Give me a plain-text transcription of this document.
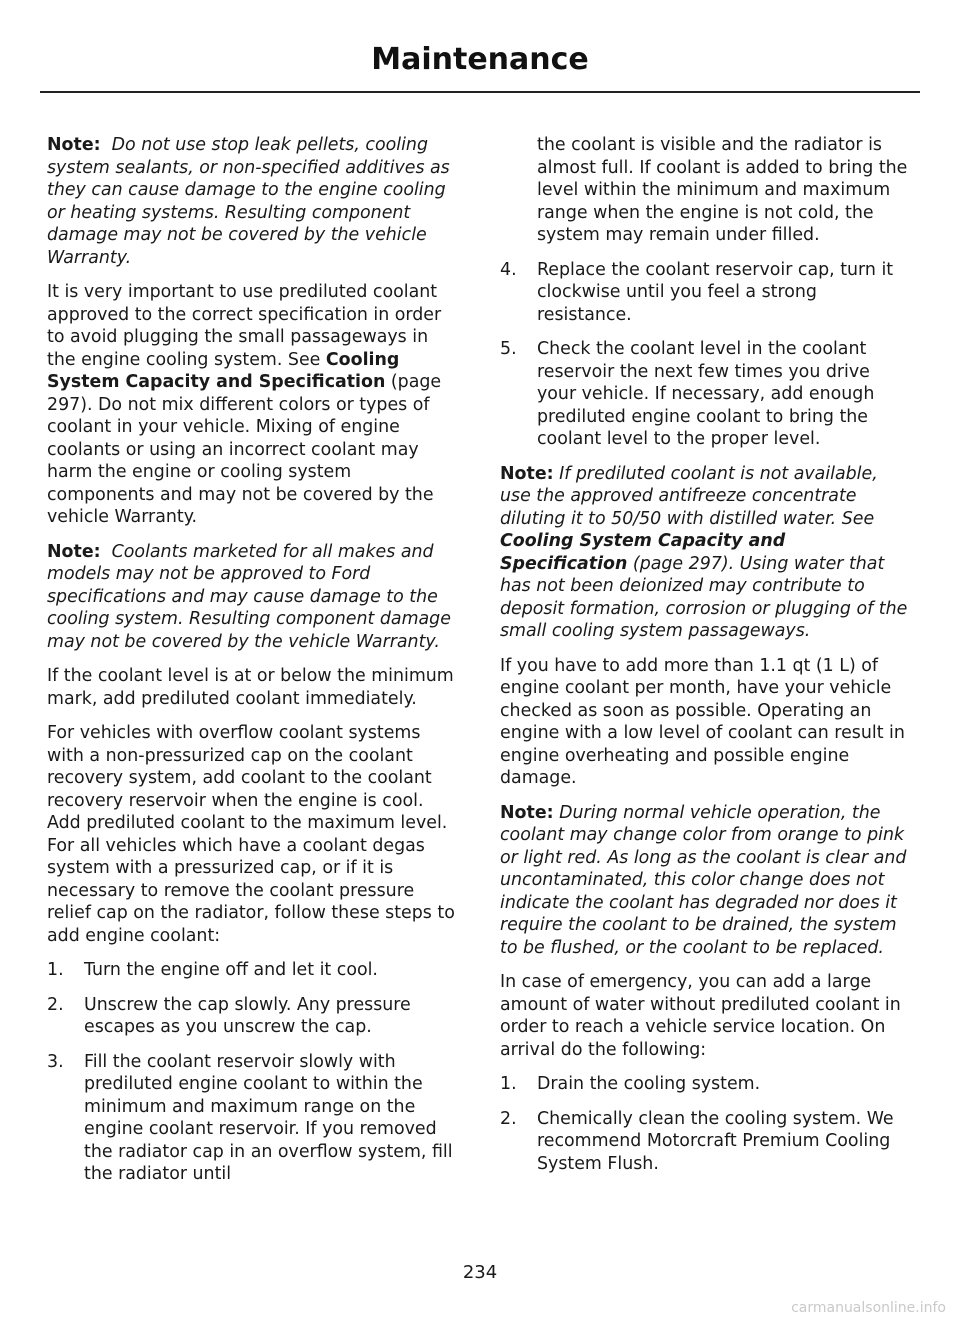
Maintenance

Note: Do not use stop leak pellets, cooling system sealants, or non-specified additives as they can cause damage to the engine cooling or heating systems. Resulting component damage may not be covered by the vehicle Warranty.

It is very important to use prediluted coolant approved to the correct specification in order to avoid plugging the small passageways in the engine cooling system. See Cooling System Capacity and Specification (page 297). Do not mix different colors or types of coolant in your vehicle. Mixing of engine coolants or using an incorrect coolant may harm the engine or cooling system components and may not be covered by the vehicle Warranty.

Note: Coolants marketed for all makes and models may not be approved to Ford specifications and may cause damage to the cooling system. Resulting component damage may not be covered by the vehicle Warranty.

If the coolant level is at or below the minimum mark, add prediluted coolant immediately.

For vehicles with overflow coolant systems with a non-pressurized cap on the coolant recovery system, add coolant to the coolant recovery reservoir when the engine is cool. Add prediluted coolant to the maximum level. For all vehicles which have a coolant degas system with a pressurized cap, or if it is necessary to remove the coolant pressure relief cap on the radiator, follow these steps to add engine coolant:

1.	Turn the engine off and let it cool.
2.	Unscrew the cap slowly. Any pressure escapes as you unscrew the cap.
3.	Fill the coolant reservoir slowly with prediluted engine coolant to within the minimum and maximum range on the engine coolant reservoir. If you removed the radiator cap in an overflow system, fill the radiator until
the coolant is visible and the radiator is almost full. If coolant is added to bring the level within the minimum and maximum range when the engine is not cold, the system may remain under filled.
4.	Replace the coolant reservoir cap, turn it clockwise until you feel a strong resistance.
5.	Check the coolant level in the coolant reservoir the next few times you drive your vehicle. If necessary, add enough prediluted engine coolant to bring the coolant level to the proper level.

Note: If prediluted coolant is not available, use the approved antifreeze concentrate diluting it to 50/50 with distilled water. See Cooling System Capacity and Specification (page 297). Using water that has not been deionized may contribute to deposit formation, corrosion or plugging of the small cooling system passageways.

If you have to add more than 1.1 qt (1 L) of engine coolant per month, have your vehicle checked as soon as possible. Operating an engine with a low level of coolant can result in engine overheating and possible engine damage.

Note: During normal vehicle operation, the coolant may change color from orange to pink or light red. As long as the coolant is clear and uncontaminated, this color change does not indicate the coolant has degraded nor does it require the coolant to be drained, the system to be flushed, or the coolant to be replaced.

In case of emergency, you can add a large amount of water without prediluted coolant in order to reach a vehicle service location. On arrival do the following:

1.	Drain the cooling system.
2.	Chemically clean the cooling system. We recommend Motorcraft Premium Cooling System Flush.
234
carmanualsonline.info
